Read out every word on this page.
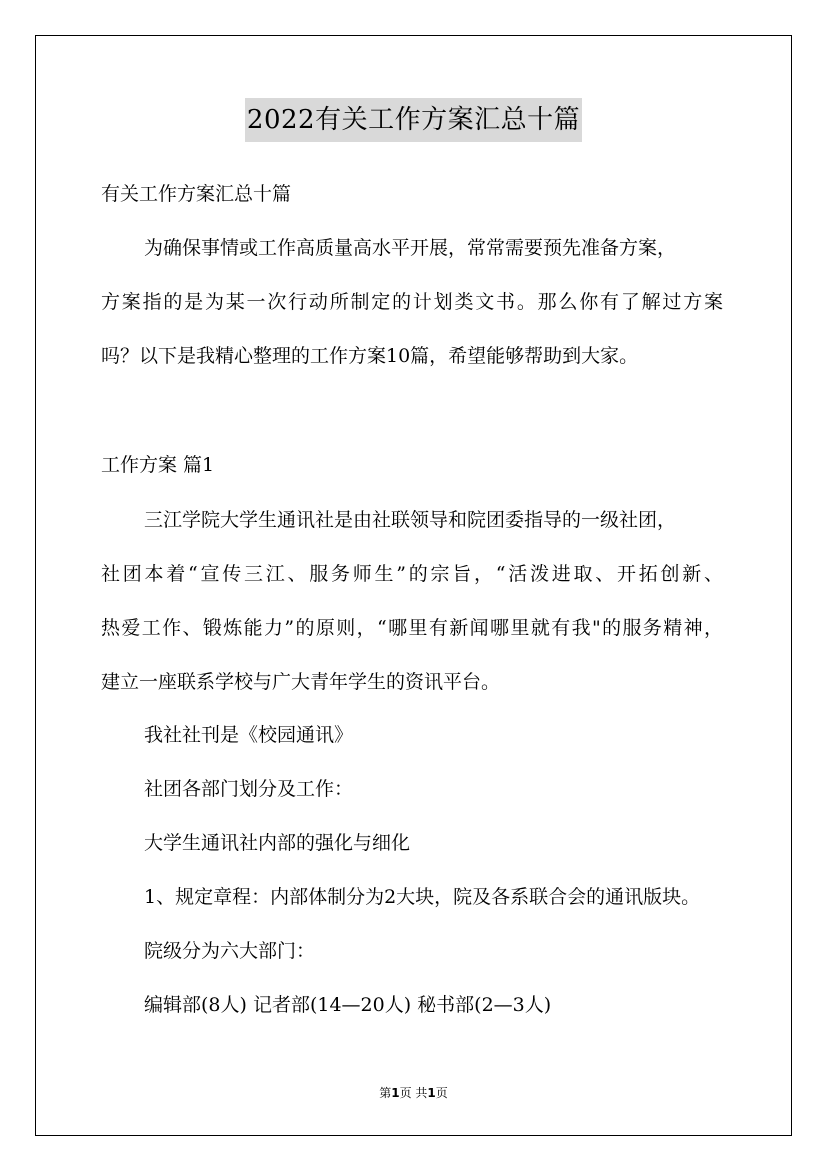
2022有关工作方案汇总十篇
有关工作方案汇总十篇
为确保事情或工作高质量高水平开展，常常需要预先准备方案，
方案指的是为某一次行动所制定的计划类文书。那么你有了解过方案
吗？以下是我精心整理的工作方案10篇，希望能够帮助到大家。
工作方案 篇1
三江学院大学生通讯社是由社联领导和院团委指导的一级社团，
社团本着“宣传三江、服务师生”的宗旨，“活泼进取、开拓创新、
热爱工作、锻炼能力”的原则，“哪里有新闻哪里就有我"的服务精神，
建立一座联系学校与广大青年学生的资讯平台。
我社社刊是《校园通讯》
社团各部门划分及工作：
大学生通讯社内部的强化与细化
1、规定章程：内部体制分为2大块，院及各系联合会的通讯版块。
院级分为六大部门：
编辑部(8人) 记者部(14—20人) 秘书部(2—3人)
第1页 共1页
